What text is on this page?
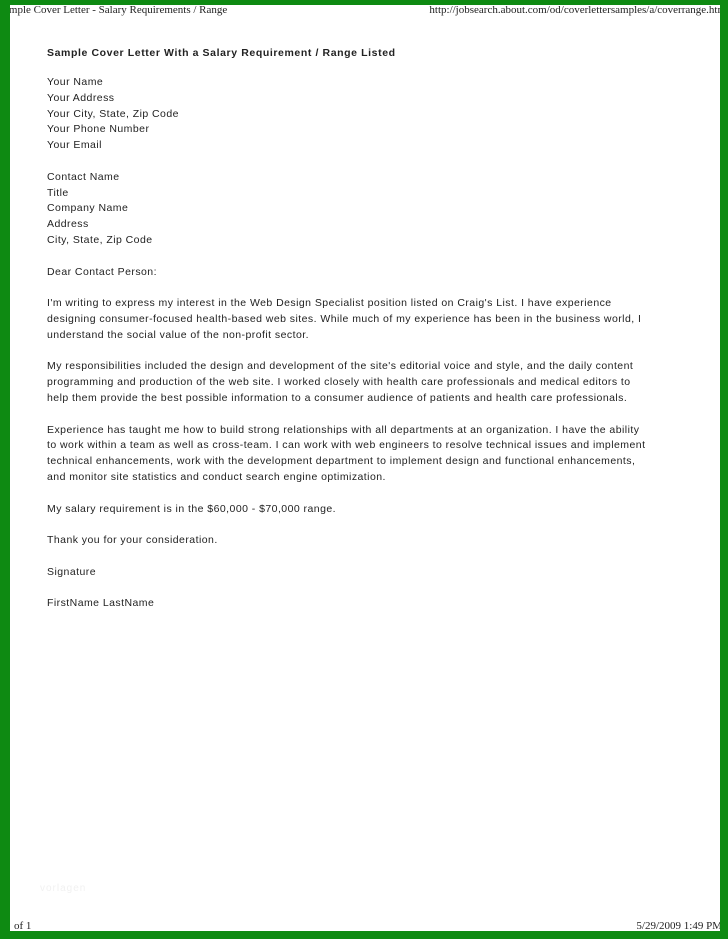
ample Cover Letter - Salary Requirements / Range	http://jobsearch.about.com/od/coverlettersamples/a/coverrange.htm

Sample Cover Letter With a Salary Requirement / Range Listed

Your Name

Your Address

Your City, State, Zip Code

Your Phone Number

Your Email

Contact Name

Title

Company Name

Address

City, State, Zip Code

Dear Contact Person:

I'm writing to express my interest in the Web Design Specialist position listed on Craig's List. I have experience

designing consumer-focused health-based web sites. While much of my experience has been in the business world, I

understand the social value of the non-profit sector.

My responsibilities included the design and development of the site's editorial voice and style, and the daily content

programming and production of the web site. I worked closely with health care professionals and medical editors to

help them provide the best possible information to a consumer audience of patients and health care professionals.

Experience has taught me how to build strong relationships with all departments at an organization. I have the ability

to work within a team as well as cross-team. I can work with web engineers to resolve technical issues and implement

technical enhancements, work with the development department to implement design and functional enhancements,

and monitor site statistics and conduct search engine optimization.

My salary requirement is in the $60,000 - $70,000 range.

Thank you for your consideration.

Signature

FirstName LastName

vorlagen
of 1	5/29/2009 1:49 PM
